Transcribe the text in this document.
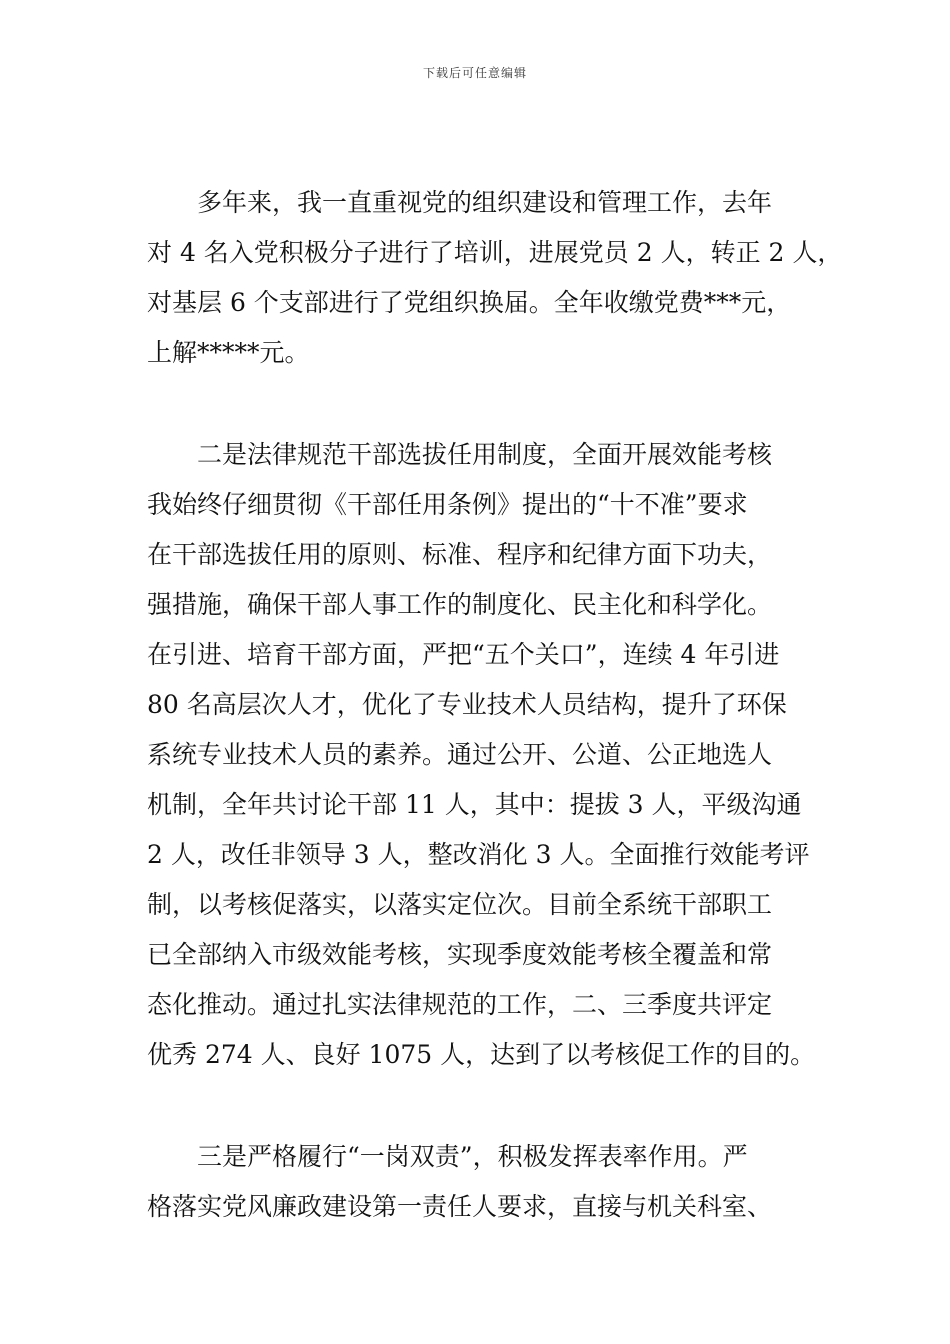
下载后可任意编辑
　　多年来，我一直重视党的组织建设和管理工作，去年
对 4 名入党积极分子进行了培训，进展党员 2 人，转正 2 人，
对基层 6 个支部进行了党组织换届。全年收缴党费***元，
上解*****元。
　　二是法律规范干部选拔任用制度，全面开展效能考核
我始终仔细贯彻《干部任用条例》提出的“十不准”要求
在干部选拔任用的原则、标准、程序和纪律方面下功夫，
强措施，确保干部人事工作的制度化、民主化和科学化。
在引进、培育干部方面，严把“五个关口”，连续 4 年引进
80 名高层次人才，优化了专业技术人员结构，提升了环保
系统专业技术人员的素养。通过公开、公道、公正地选人
机制，全年共讨论干部 11 人，其中：提拔 3 人，平级沟通
2 人，改任非领导 3 人，整改消化 3 人。全面推行效能考评
制，以考核促落实，以落实定位次。目前全系统干部职工
已全部纳入市级效能考核，实现季度效能考核全覆盖和常
态化推动。通过扎实法律规范的工作，二、三季度共评定
优秀 274 人、良好 1075 人，达到了以考核促工作的目的。
　　三是严格履行“一岗双责”，积极发挥表率作用。严
格落实党风廉政建设第一责任人要求，直接与机关科室、
